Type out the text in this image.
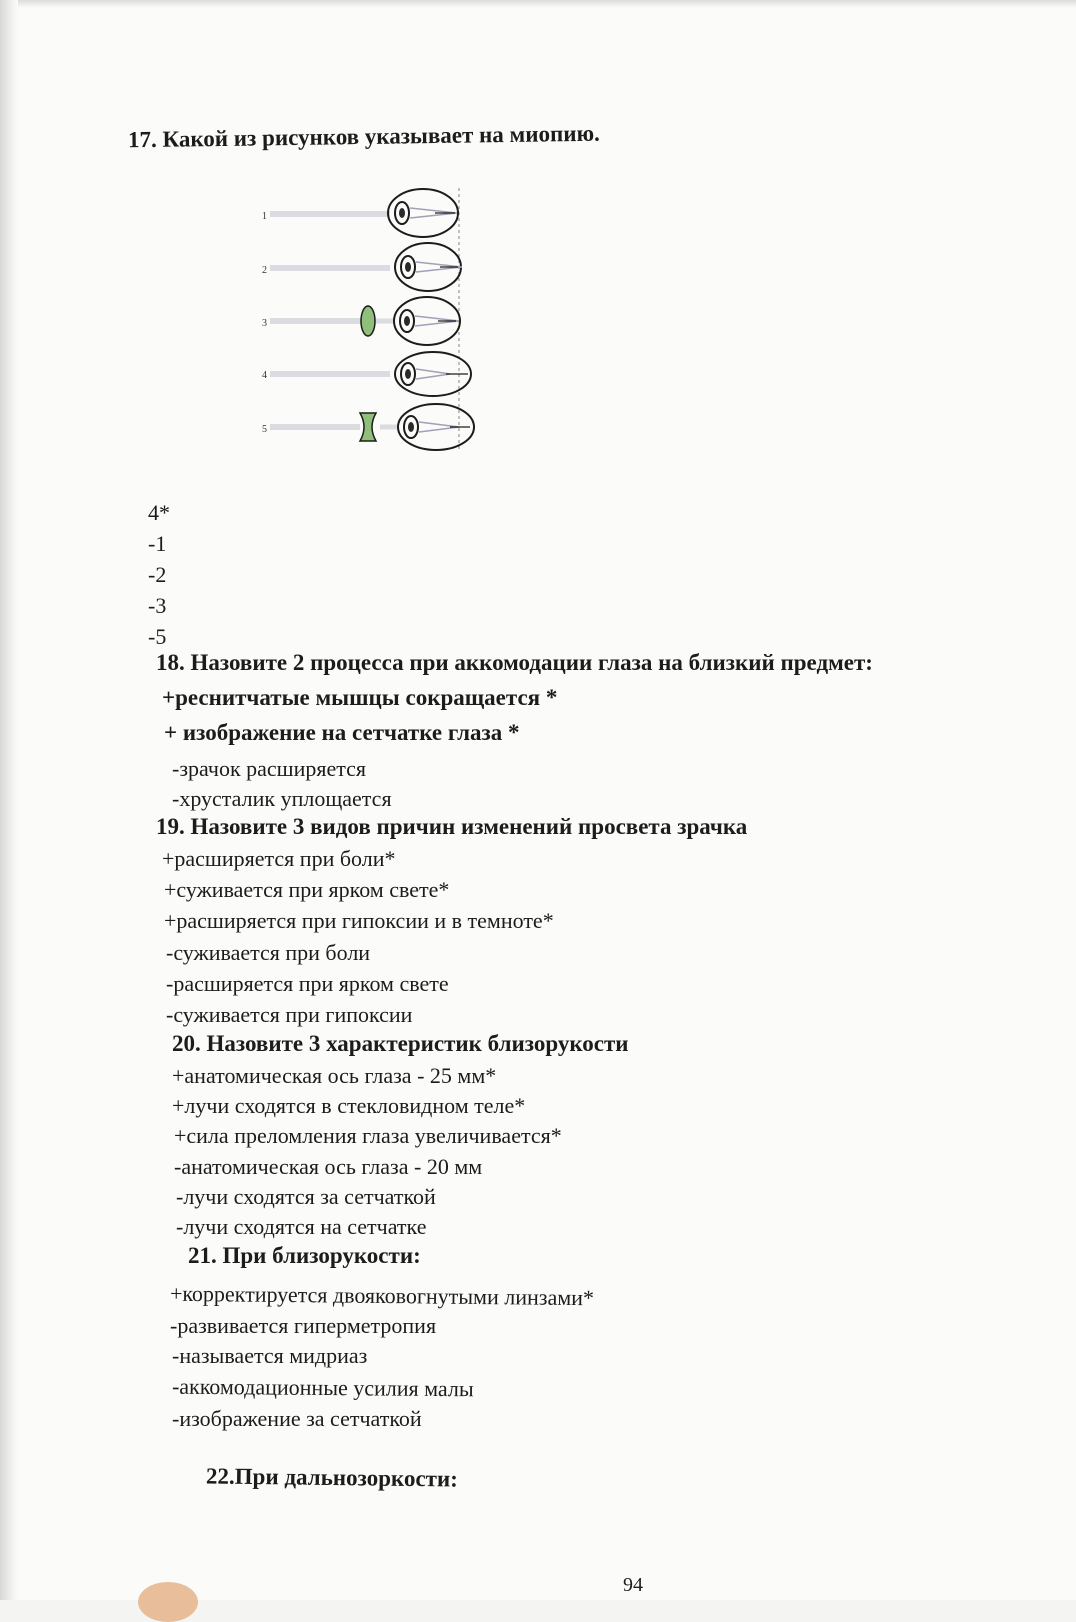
17. Какой из рисунков указывает на миопию.
1
2
3
4
5
4*
-1
-2
-3
-5
18. Назовите 2 процесса при аккомодации глаза на близкий предмет:
+реснитчатые мышцы сокращается *
+ изображение на сетчатке глаза *
-зрачок расширяется
-хрусталик уплощается
19. Назовите 3 видов причин изменений просвета зрачка
+расширяется при боли*
+суживается при ярком свете*
+расширяется при гипоксии и в темноте*
-суживается при боли
-расширяется при ярком свете
-суживается при гипоксии
20. Назовите 3 характеристик близорукости
+анатомическая ось глаза - 25 мм*
+лучи сходятся в стекловидном теле*
+сила преломления глаза увеличивается*
-анатомическая ось глаза - 20 мм
-лучи сходятся за сетчаткой
-лучи сходятся на сетчатке
21. При близорукости:
+корректируется двояковогнутыми линзами*
-развивается гиперметропия
-называется мидриаз
-аккомодационные усилия малы
-изображение за сетчаткой
22.При дальнозоркости:
94
